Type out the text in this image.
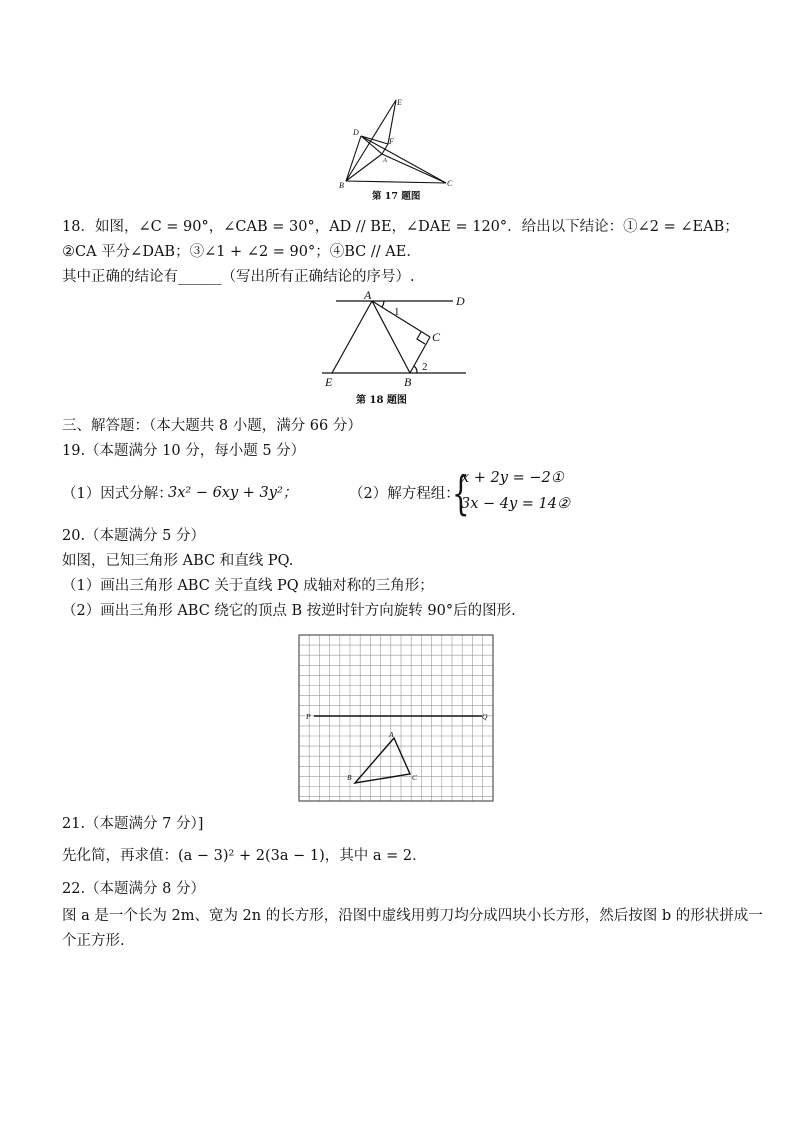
E
D
F
A
B	C
第 17 题图
18．如图，∠C = 90°，∠CAB = 30°，AD // BE，∠DAE = 120°．给出以下结论：①∠2 = ∠EAB；
②CA 平分∠DAB；③∠1 + ∠2 = 90°；④BC // AE．
其中正确的结论有______（写出所有正确结论的序号）.
A	D
1
C
2
E	B
第 18 题图
三、解答题：（本大题共 8 小题，满分 66 分）
19.（本题满分 10 分，每小题 5 分）
（1）因式分解：
3x² − 6xy + 3y²；	（2）解方程组：
{
x + 2y = −2①
3x − 4y = 14②
20.（本题满分 5 分）
如图，已知三角形 ABC 和直线 PQ.
（1）画出三角形 ABC 关于直线 PQ 成轴对称的三角形；
（2）画出三角形 ABC 绕它的顶点 B 按逆时针方向旋转 90°后的图形.
P	Q
A
B	C
21.（本题满分 7 分）]
先化简，再求值：(a − 3)² + 2(3a − 1)，其中 a = 2．
22.（本题满分 8 分）
图 a 是一个长为 2m、宽为 2n 的长方形，沿图中虚线用剪刀均分成四块小长方形，然后按图 b 的形状拼成一
个正方形.
